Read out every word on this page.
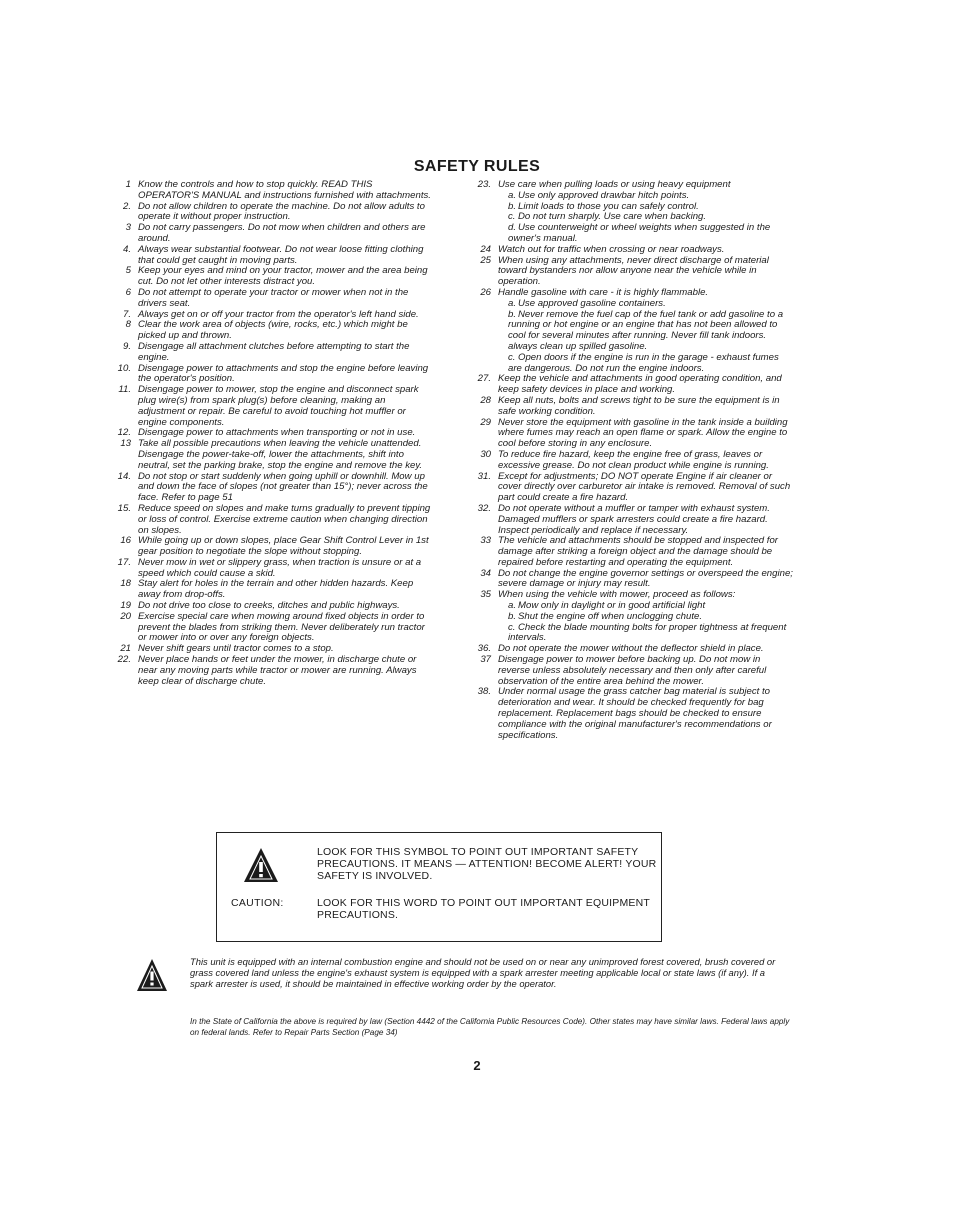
SAFETY RULES
1 Know the controls and how to stop quickly. READ THIS OPERATOR'S MANUAL and instructions furnished with attachments.
2. Do not allow children to operate the machine. Do not allow adults to operate it without proper instruction.
3 Do not carry passengers. Do not mow when children and others are around.
4. Always wear substantial footwear. Do not wear loose fitting clothing that could get caught in moving parts.
5 Keep your eyes and mind on your tractor, mower and the area being cut. Do not let other interests distract you.
6 Do not attempt to operate your tractor or mower when not in the drivers seat.
7. Always get on or off your tractor from the operator's left hand side.
8 Clear the work area of objects (wire, rocks, etc.) which might be picked up and thrown.
9. Disengage all attachment clutches before attempting to start the engine.
10. Disengage power to attachments and stop the engine before leaving the operator's position.
11. Disengage power to mower, stop the engine and disconnect spark plug wire(s) from spark plug(s) before cleaning, making an adjustment or repair. Be careful to avoid touching hot muffler or engine components.
12. Disengage power to attachments when transporting or not in use.
13 Take all possible precautions when leaving the vehicle unattended. Disengage the power-take-off, lower the attachments, shift into neutral, set the parking brake, stop the engine and remove the key.
14. Do not stop or start suddenly when going uphill or downhill. Mow up and down the face of slopes (not greater than 15°); never across the face. Refer to page 51
15. Reduce speed on slopes and make turns gradually to prevent tipping or loss of control. Exercise extreme caution when changing direction on slopes.
16 While going up or down slopes, place Gear Shift Control Lever in 1st gear position to negotiate the slope without stopping.
17. Never mow in wet or slippery grass, when traction is unsure or at a speed which could cause a skid.
18 Stay alert for holes in the terrain and other hidden hazards. Keep away from drop-offs.
19 Do not drive too close to creeks, ditches and public highways.
20 Exercise special care when mowing around fixed objects in order to prevent the blades from striking them. Never deliberately run tractor or mower into or over any foreign objects.
21 Never shift gears until tractor comes to a stop.
22. Never place hands or feet under the mower, in discharge chute or near any moving parts while tractor or mower are running. Always keep clear of discharge chute.
23. Use care when pulling loads or using heavy equipment
a. Use only approved drawbar hitch points.
b. Limit loads to those you can safely control.
c. Do not turn sharply. Use care when backing.
d. Use counterweight or wheel weights when suggested in the owner's manual.
24 Watch out for traffic when crossing or near roadways.
25 When using any attachments, never direct discharge of material toward bystanders nor allow anyone near the vehicle while in operation.
26 Handle gasoline with care - it is highly flammable.
a. Use approved gasoline containers.
b. Never remove the fuel cap of the fuel tank or add gasoline to a running or hot engine or an engine that has not been allowed to cool for several minutes after running. Never fill tank indoors. always clean up spilled gasoline.
c. Open doors if the engine is run in the garage - exhaust fumes are dangerous. Do not run the engine indoors.
27. Keep the vehicle and attachments in good operating condition, and keep safety devices in place and working.
28 Keep all nuts, bolts and screws tight to be sure the equipment is in safe working condition.
29 Never store the equipment with gasoline in the tank inside a building where fumes may reach an open flame or spark. Allow the engine to cool before storing in any enclosure.
30 To reduce fire hazard, keep the engine free of grass, leaves or excessive grease. Do not clean product while engine is running.
31. Except for adjustments; DO NOT operate Engine if air cleaner or cover directly over carburetor air intake is removed. Removal of such part could create a fire hazard.
32. Do not operate without a muffler or tamper with exhaust system. Damaged mufflers or spark arresters could create a fire hazard. Inspect periodically and replace if necessary.
33 The vehicle and attachments should be stopped and inspected for damage after striking a foreign object and the damage should be repaired before restarting and operating the equipment.
34 Do not change the engine governor settings or overspeed the engine; severe damage or injury may result.
35 When using the vehicle with mower, proceed as follows:
a. Mow only in daylight or in good artificial light
b. Shut the engine off when unclogging chute.
c. Check the blade mounting bolts for proper tightness at frequent intervals.
36. Do not operate the mower without the deflector shield in place.
37 Disengage power to mower before backing up. Do not mow in reverse unless absolutely necessary and then only after careful observation of the entire area behind the mower.
38. Under normal usage the grass catcher bag material is subject to deterioration and wear. It should be checked frequently for bag replacement. Replacement bags should be checked to ensure compliance with the original manufacturer's recommendations or specifications.
LOOK FOR THIS SYMBOL TO POINT OUT IMPORTANT SAFETY PRECAUTIONS. IT MEANS — ATTENTION! BECOME ALERT! YOUR SAFETY IS INVOLVED.
CAUTION:	LOOK FOR THIS WORD TO POINT OUT IMPORTANT EQUIPMENT PRECAUTIONS.
This unit is equipped with an internal combustion engine and should not be used on or near any unimproved forest covered, brush covered or grass covered land unless the engine's exhaust system is equipped with a spark arrester meeting applicable local or state laws (if any). If a spark arrester is used, it should be maintained in effective working order by the operator.
In the State of California the above is required by law (Section 4442 of the California Public Resources Code). Other states may have similar laws. Federal laws apply on federal lands. Refer to Repair Parts Section (Page 34)
2
